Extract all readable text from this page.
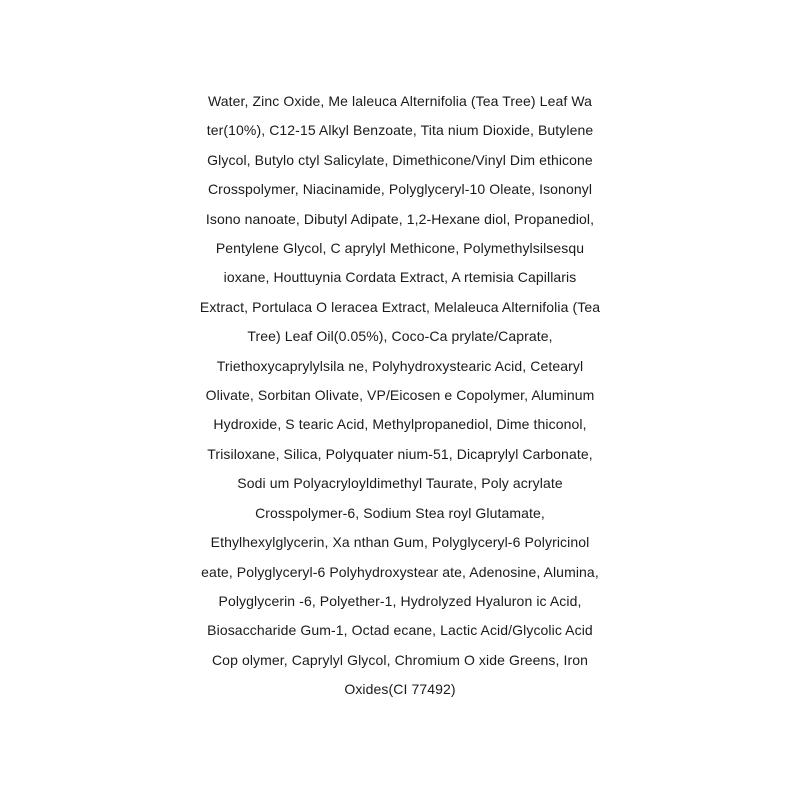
Water, Zinc Oxide, Me laleuca Alternifolia (Tea Tree) Leaf Wa
ter(10%), C12-15 Alkyl Benzoate, Tita nium Dioxide, Butylene
Glycol, Butylo ctyl Salicylate, Dimethicone/Vinyl Dim ethicone
Crosspolymer, Niacinamide, Polyglyceryl-10 Oleate, Isononyl
Isono nanoate, Dibutyl Adipate, 1,2-Hexane diol, Propanediol,
Pentylene Glycol, C aprylyl Methicone, Polymethylsilsesqu
ioxane, Houttuynia Cordata Extract, A rtemisia Capillaris
Extract, Portulaca O leracea Extract, Melaleuca Alternifolia (Tea
Tree) Leaf Oil(0.05%), Coco-Ca prylate/Caprate,
Triethoxycaprylylsila ne, Polyhydroxystearic Acid, Cetearyl
Olivate, Sorbitan Olivate, VP/Eicosen e Copolymer, Aluminum
Hydroxide, S tearic Acid, Methylpropanediol, Dime thiconol,
Trisiloxane, Silica, Polyquater nium-51, Dicaprylyl Carbonate,
Sodi um Polyacryloyldimethyl Taurate, Poly acrylate
Crosspolymer-6, Sodium Stea royl Glutamate,
Ethylhexylglycerin, Xa nthan Gum, Polyglyceryl-6 Polyricinol
eate, Polyglyceryl-6 Polyhydroxystear ate, Adenosine, Alumina,
Polyglycerin -6, Polyether-1, Hydrolyzed Hyaluron ic Acid,
Biosaccharide Gum-1, Octad ecane, Lactic Acid/Glycolic Acid
Cop olymer, Caprylyl Glycol, Chromium O xide Greens, Iron
Oxides(CI 77492)
